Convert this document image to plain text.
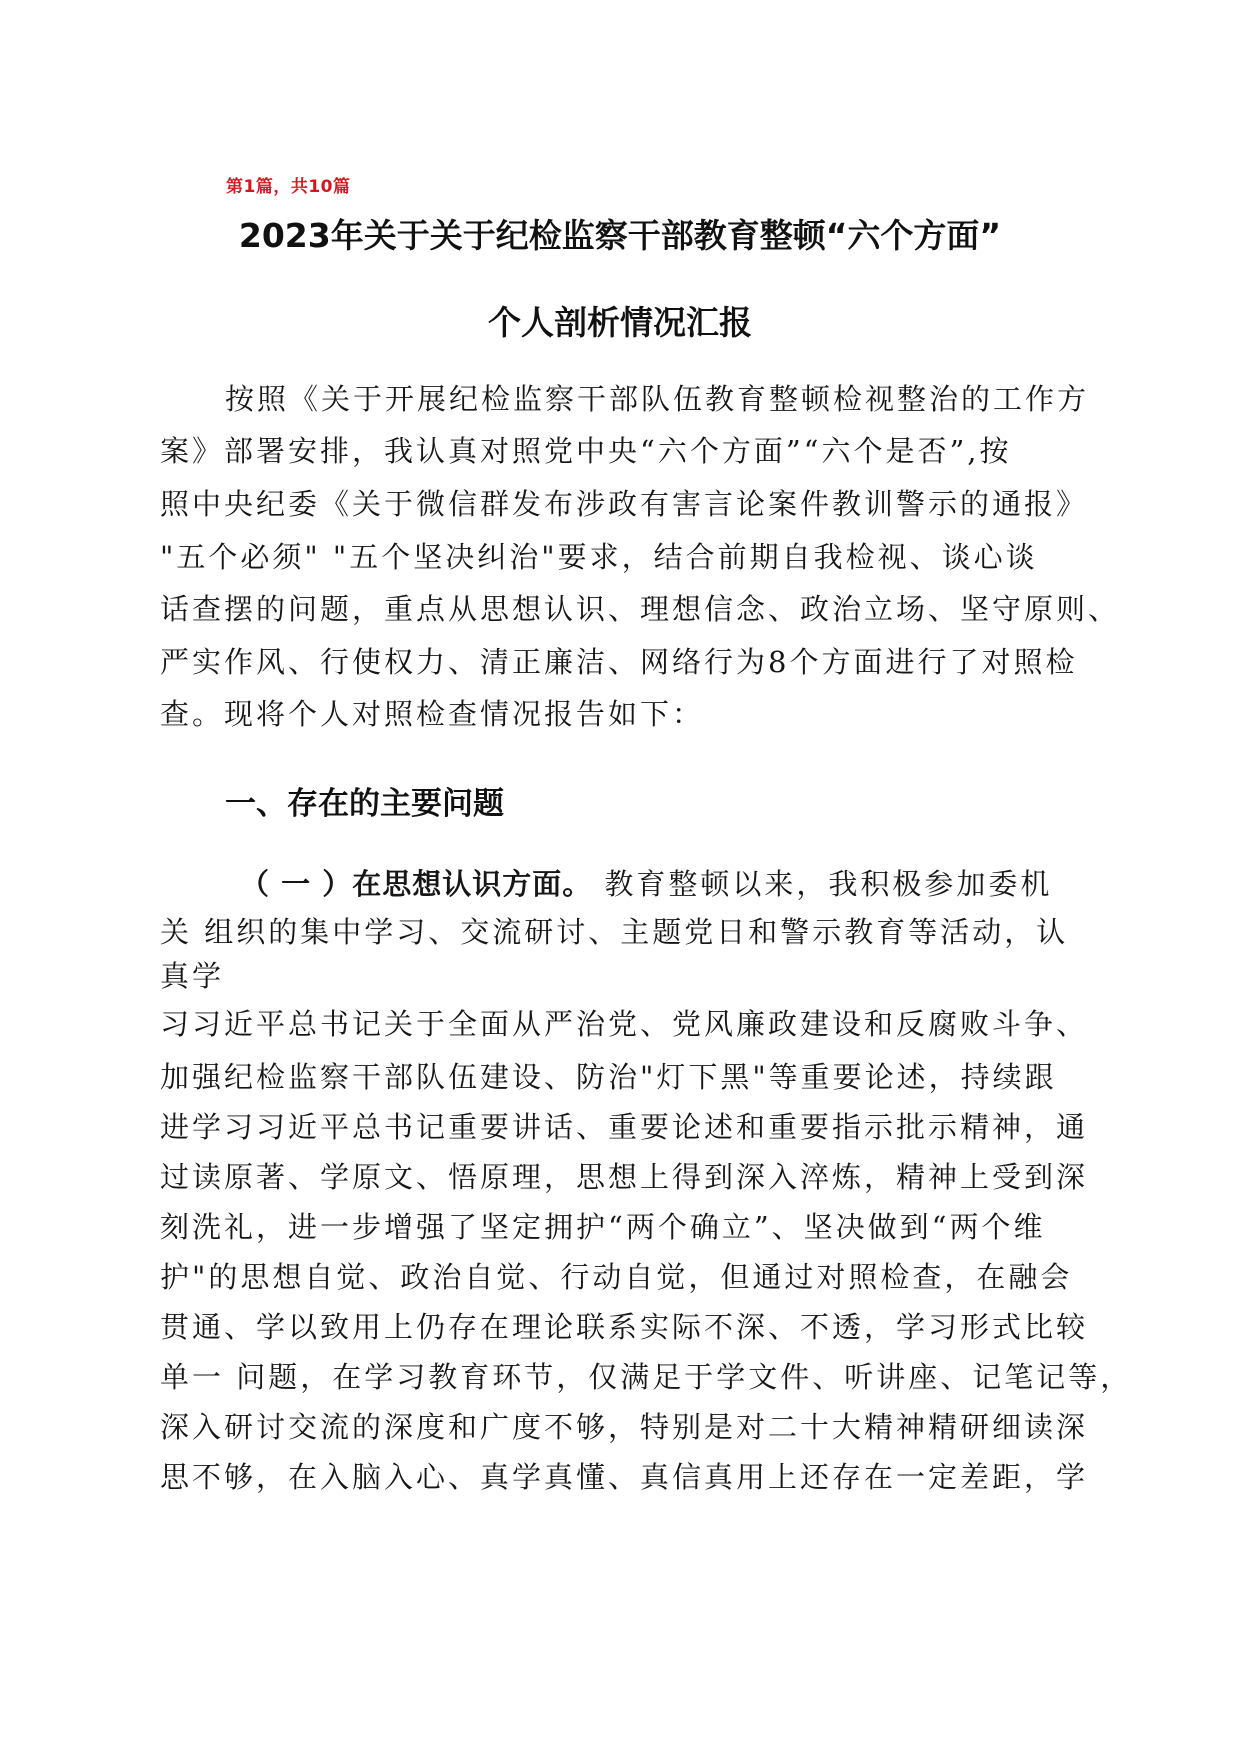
第1篇，共10篇
2023年关于关于纪检监察干部教育整顿“六个方面”
个人剖析情况汇报
按照《关于开展纪检监察干部队伍教育整顿检视整治的工作方
案》部署安排，我认真对照党中央“六个方面”“六个是否”,按
照中央纪委《关于微信群发布涉政有害言论案件教训警示的通报》
"五个必须" "五个坚决纠治"要求，结合前期自我检视、谈心谈
话查摆的问题，重点从思想认识、理想信念、政治立场、坚守原则、
严实作风、行使权力、清正廉洁、网络行为8个方面进行了对照检
查。现将个人对照检查情况报告如下：
一、存在的主要问题
（ 一 ）在思想认识方面。 教育整顿以来，我积极参加委机
关 组织的集中学习、交流研讨、主题党日和警示教育等活动，认
真学
习习近平总书记关于全面从严治党、党风廉政建设和反腐败斗争、
加强纪检监察干部队伍建设、防治"灯下黑"等重要论述，持续跟
进学习习近平总书记重要讲话、重要论述和重要指示批示精神，通
过读原著、学原文、悟原理，思想上得到深入淬炼，精神上受到深
刻洗礼，进一步增强了坚定拥护“两个确立”、坚决做到“两个维
护"的思想自觉、政治自觉、行动自觉，但通过对照检查，在融会
贯通、学以致用上仍存在理论联系实际不深、不透，学习形式比较
单一 问题，在学习教育环节，仅满足于学文件、听讲座、记笔记等，
深入研讨交流的深度和广度不够，特别是对二十大精神精研细读深
思不够，在入脑入心、真学真懂、真信真用上还存在一定差距，学
